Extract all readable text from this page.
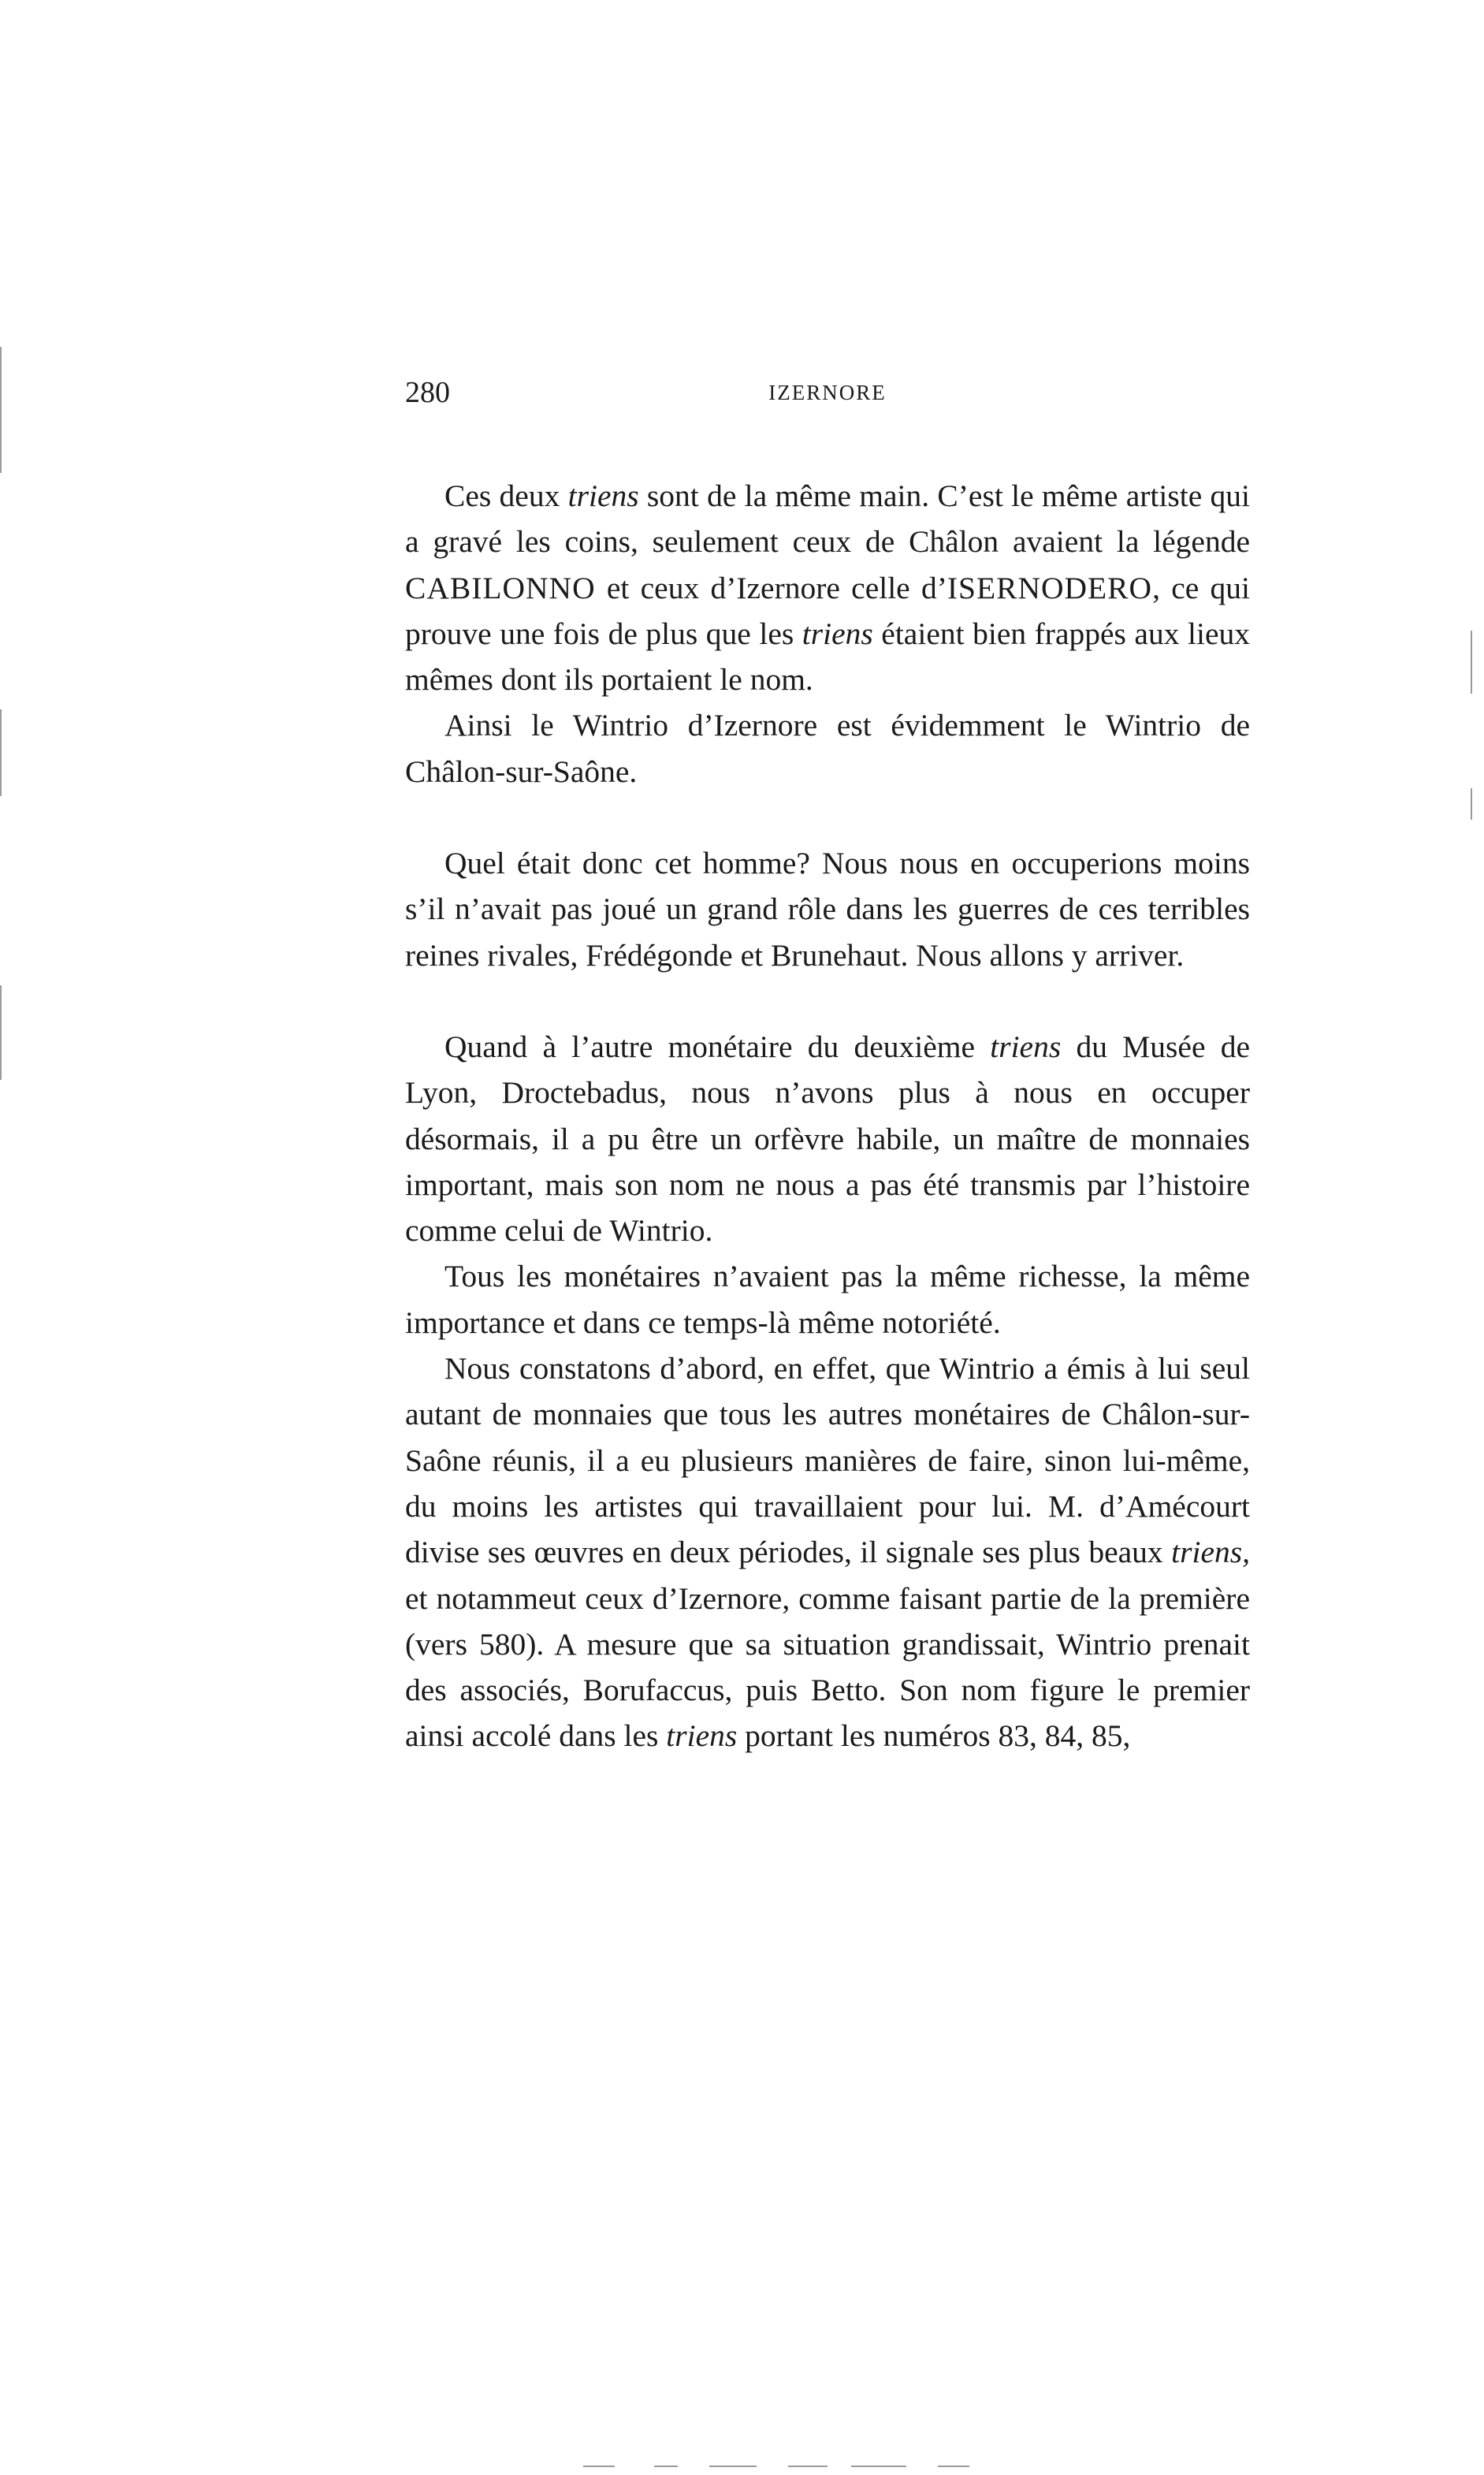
280	IZERNORE

Ces deux triens sont de la même main. C’est le même artiste qui a gravé les coins, seulement ceux de Châlon avaient la légende CABILONNO et ceux d’Izernore celle d’ISERNODERO, ce qui prouve une fois de plus que les triens étaient bien frappés aux lieux mêmes dont ils portaient le nom.

Ainsi le Wintrio d’Izernore est évidemment le Wintrio de Châlon-sur-Saône.

Quel était donc cet homme? Nous nous en occuperions moins s’il n’avait pas joué un grand rôle dans les guerres de ces terribles reines rivales, Frédégonde et Brunehaut. Nous allons y arriver.

Quand à l’autre monétaire du deuxième triens du Musée de Lyon, Droctebadus, nous n’avons plus à nous en occuper désormais, il a pu être un orfèvre habile, un maître de monnaies important, mais son nom ne nous a pas été transmis par l’histoire comme celui de Wintrio.

Tous les monétaires n’avaient pas la même richesse, la même importance et dans ce temps-là même notoriété.

Nous constatons d’abord, en effet, que Wintrio a émis à lui seul autant de monnaies que tous les autres monétaires de Châlon-sur-Saône réunis, il a eu plusieurs manières de faire, sinon lui-même, du moins les artistes qui travaillaient pour lui. M. d’Amécourt divise ses œuvres en deux périodes, il signale ses plus beaux triens, et notammeut ceux d’Izernore, comme faisant partie de la première (vers 580). A mesure que sa situation grandissait, Wintrio prenait des associés, Borufaccus, puis Betto. Son nom figure le premier ainsi accolé dans les triens portant les numéros 83, 84, 85,
